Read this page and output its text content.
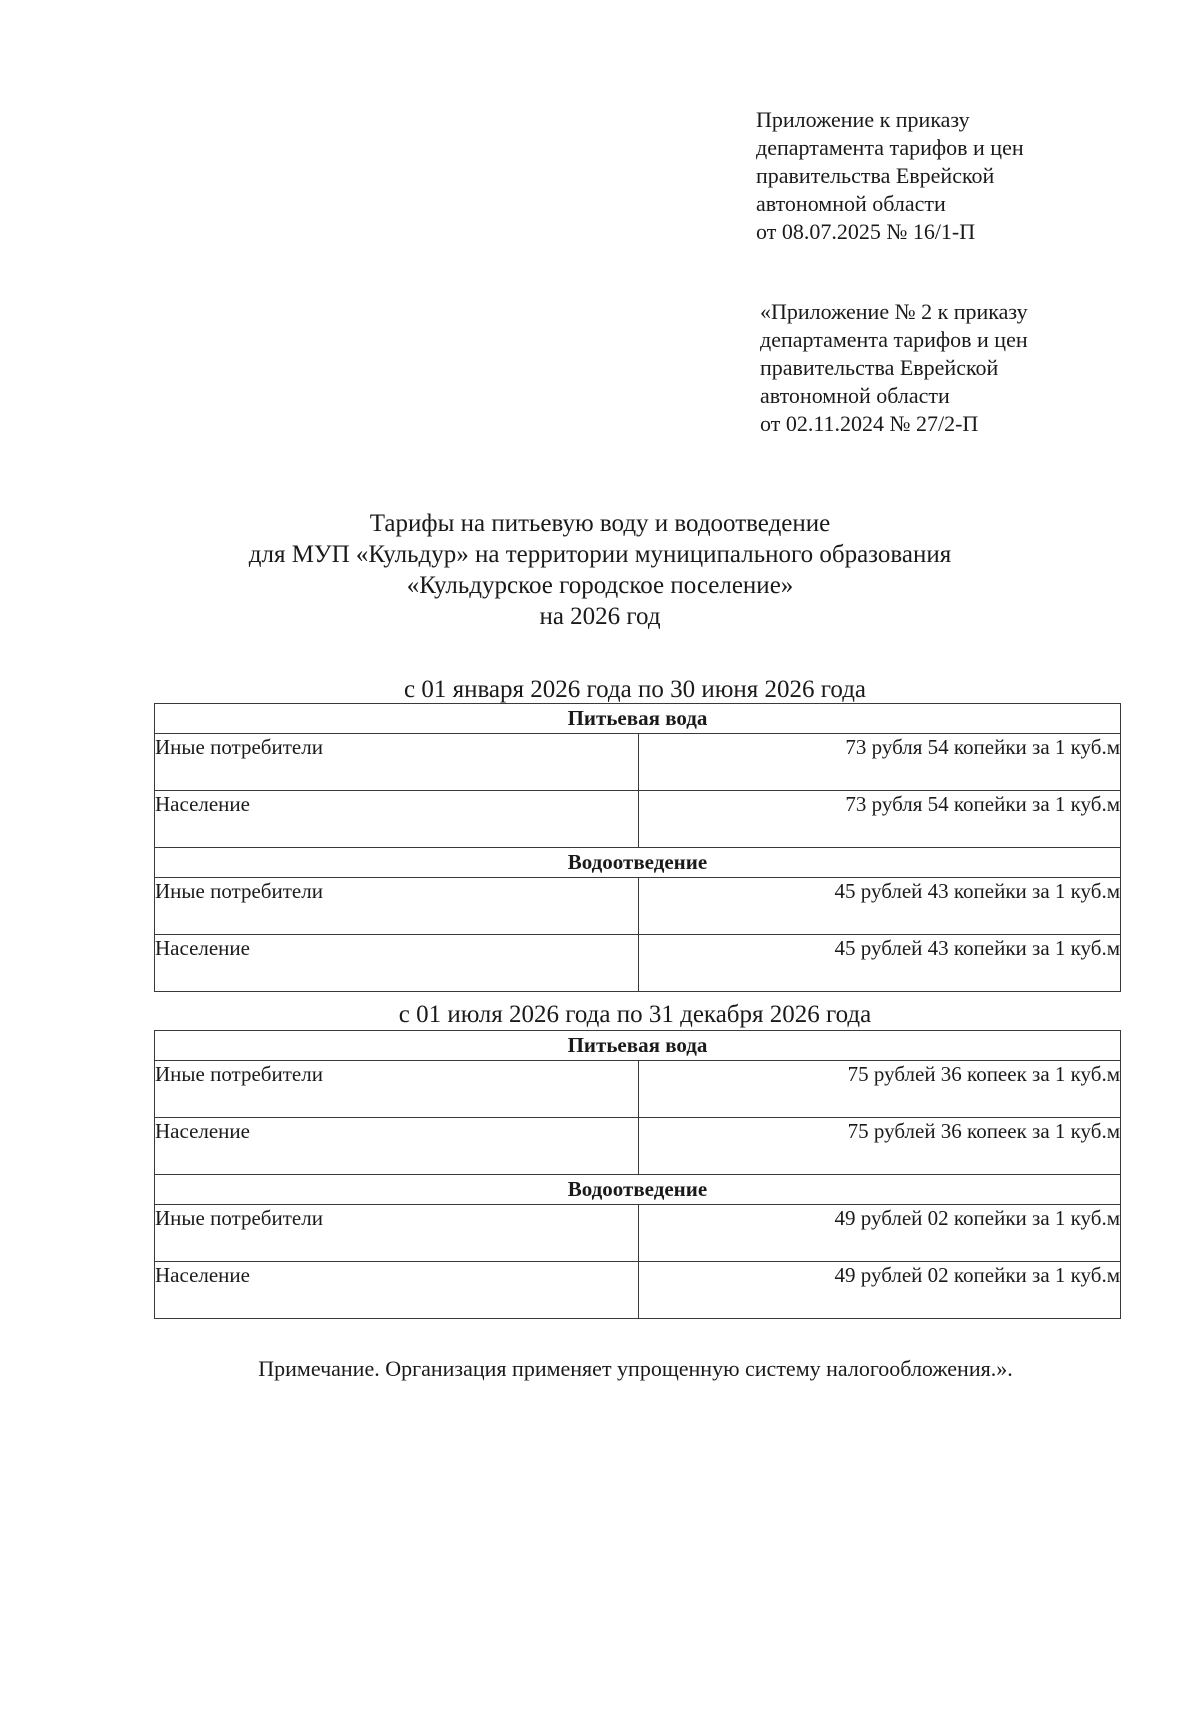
Приложение к приказу
департамента тарифов и цен
правительства Еврейской
автономной области
от 08.07.2025 № 16/1-П
«Приложение № 2 к приказу
департамента тарифов и цен
правительства Еврейской
автономной области
от 02.11.2024 № 27/2-П
Тарифы на питьевую воду и водоотведение
для МУП «Кульдур» на территории муниципального образования
«Кульдурское городское поселение»
на 2026 год
с 01 января 2026 года по 30 июня 2026 года
Питьевая вода	
Иные потребители	73 рубля 54 копейки за 1 куб.м
Население	73 рубля 54 копейки за 1 куб.м
Водоотведение	
Иные потребители	45 рублей 43 копейки за 1 куб.м
Население	45 рублей 43 копейки за 1 куб.м
с 01 июля 2026 года по 31 декабря 2026 года
Питьевая вода	
Иные потребители	75 рублей 36 копеек за 1 куб.м
Население	75 рублей 36 копеек за 1 куб.м
Водоотведение	
Иные потребители	49 рублей 02 копейки за 1 куб.м
Население	49 рублей 02 копейки за 1 куб.м
Примечание. Организация применяет упрощенную систему налогообложения.».
